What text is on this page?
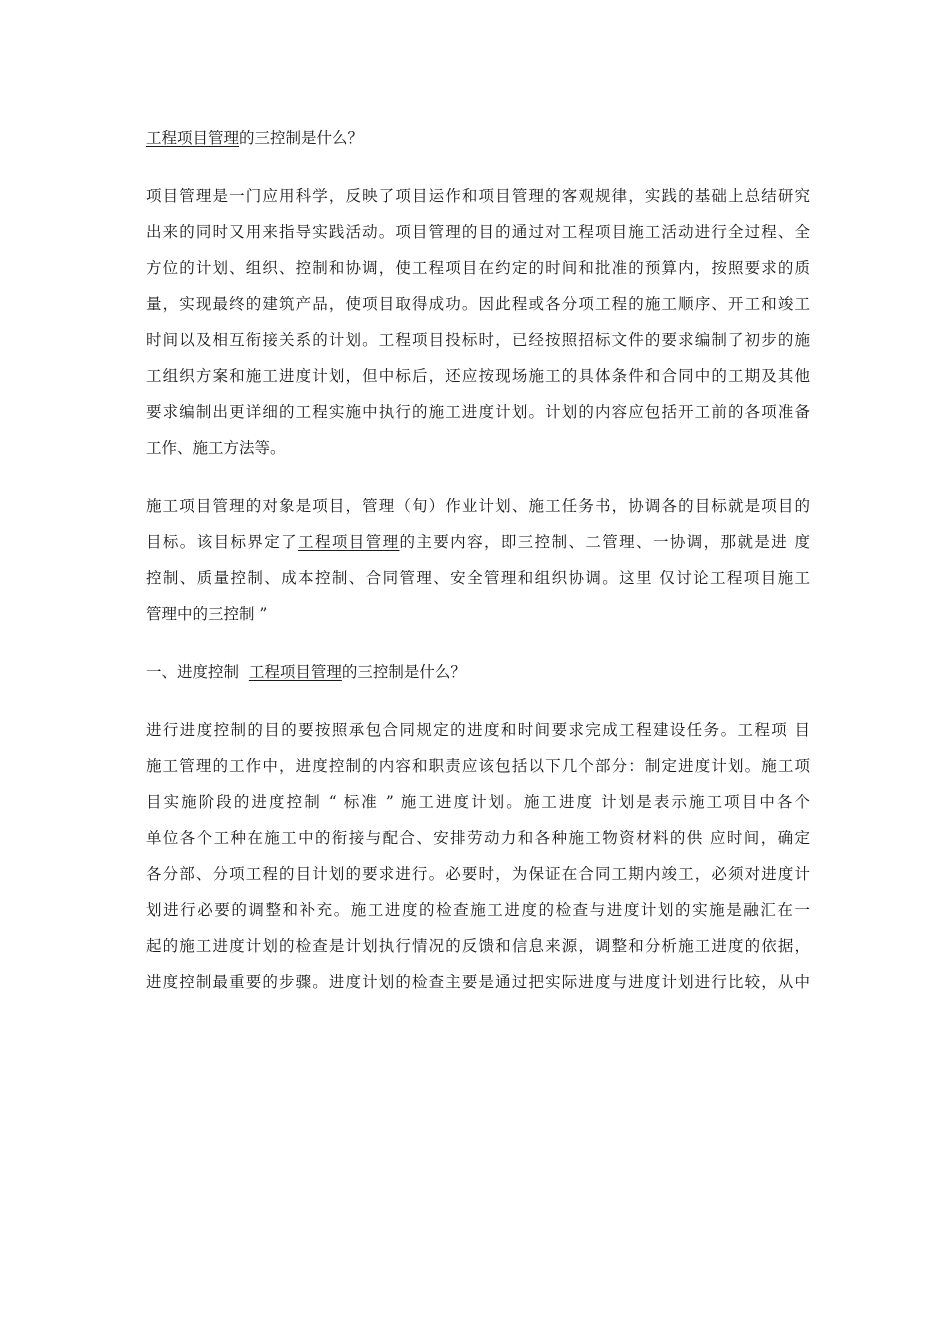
工程项目管理的三控制是什么？
项目管理是一门应用科学，反映了项目运作和项目管理的客观规律，实践的基础上总结研究
出来的同时又用来指导实践活动。项目管理的目的通过对工程项目施工活动进行全过程、全
方位的计划、组织、控制和协调，使工程项目在约定的时间和批准的预算内，按照要求的质
量，实现最终的建筑产品，使项目取得成功。因此程或各分项工程的施工顺序、开工和竣工
时间以及相互衔接关系的计划。工程项目投标时，已经按照招标文件的要求编制了初步的施
工组织方案和施工进度计划，但中标后，还应按现场施工的具体条件和合同中的工期及其他
要求编制出更详细的工程实施中执行的施工进度计划。计划的内容应包括开工前的各项准备
工作、施工方法等。
施工项目管理的对象是项目，管理（旬）作业计划、施工任务书，协调各的目标就是项目的
目标。该目标界定了工程项目管理的主要内容，即三控制、二管理、一协调，那就是进 度
控制、质量控制、成本控制、合同管理、安全管理和组织协调。这里 仅讨论工程项目施工
管理中的三控制 ”
一、进度控制  工程项目管理的三控制是什么？
进行进度控制的目的要按照承包合同规定的进度和时间要求完成工程建设任务。工程项 目
施工管理的工作中，进度控制的内容和职责应该包括以下几个部分：制定进度计划。施工项
目实施阶段的进度控制 “ 标准 ” 施工进度计划。施工进度 计划是表示施工项目中各个
单位各个工种在施工中的衔接与配合、安排劳动力和各种施工物资材料的供 应时间，确定
各分部、分项工程的目计划的要求进行。必要时，为保证在合同工期内竣工，必须对进度计
划进行必要的调整和补充。施工进度的检查施工进度的检查与进度计划的实施是融汇在一
起的施工进度计划的检查是计划执行情况的反馈和信息来源，调整和分析施工进度的依据，
进度控制最重要的步骤。进度计划的检查主要是通过把实际进度与进度计划进行比较，从中
